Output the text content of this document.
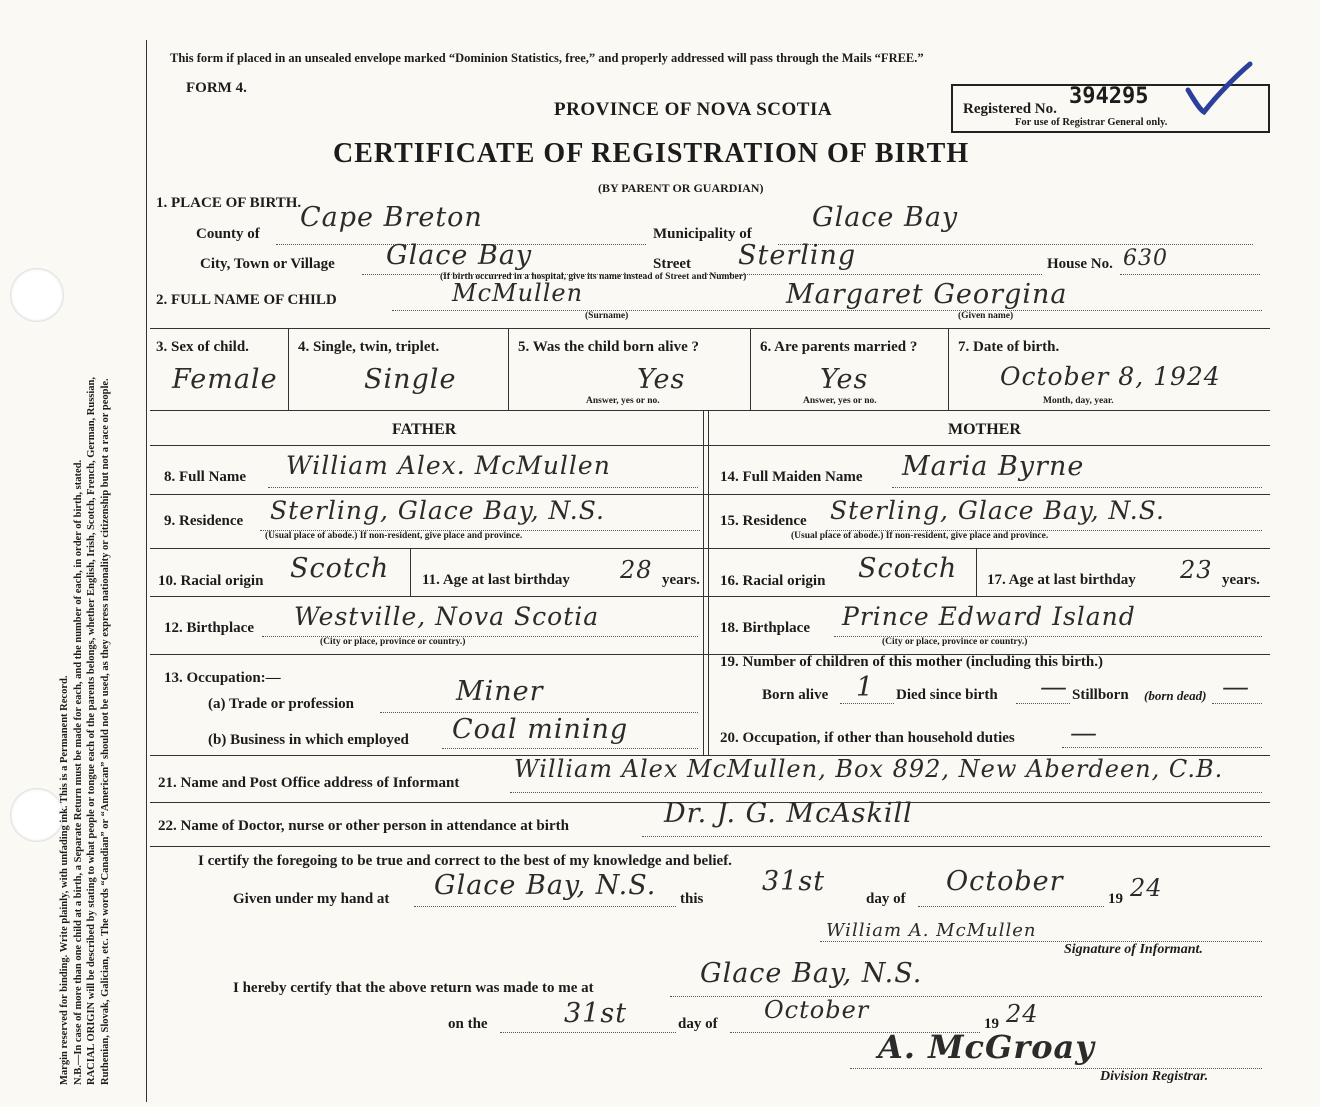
Margin reserved for binding. Write plainly, with unfading ink. This is a Permanent Record. N.B.—In case of more than one child at a birth, a Separate Return must be made for each, and the number of each, in order of birth, stated. RACIAL ORIGIN will be described by stating to what people or tongue each of the parents belongs, whether English, Irish, Scotch, French, German, Russian, Ruthenian, Slovak, Galician, etc. The words “Canadian” or “American” should not be used, as they express nationality or citizenship but not a race or people.
This form if placed in an unsealed envelope marked “Dominion Statistics, free,” and properly addressed will pass through the Mails “FREE.”
FORM 4.
PROVINCE OF NOVA SCOTIA
CERTIFICATE OF REGISTRATION OF BIRTH
(BY PARENT OR GUARDIAN)
Registered No. 394295
For use of Registrar General only.
1. PLACE OF BIRTH.
County of
Cape Breton
Municipality of
Glace Bay
City, Town or Village Glace Bay	Street Sterling	House No. 630
(If birth occurred in a hospital, give its name instead of Street and Number)
2. FULL NAME OF CHILD	McMullen	Margaret Georgina
(Surname)	(Given name)
3. Sex of child.
Female
4. Single, twin, triplet.
Single
5. Was the child born alive ?
Yes
Answer, yes or no.
6. Are parents married ?
Yes
Answer, yes or no.
7. Date of birth.
October 8, 1924
Month, day, year.
FATHER	MOTHER
8. Full Name William Alex. McMullen	14. Full Maiden Name Maria Byrne
9. Residence Sterling, Glace Bay, N.S.
(Usual place of abode.) If non-resident, give place and province.
15. Residence Sterling, Glace Bay, N.S.
(Usual place of abode.) If non-resident, give place and province.
10. Racial origin Scotch 11. Age at last birthday 28 years. 16. Racial origin Scotch 17. Age at last birthday 23 years.
12. Birthplace Westville, Nova Scotia
(City or place, province or country.)
18. Birthplace Prince Edward Island
(City or place, province or country.)
13. Occupation:—
(a) Trade or profession	Miner
(b) Business in which employed Coal mining
19. Number of children of this mother (including this birth.)
Born alive 1 Died since birth — Stillborn (born dead) —
20. Occupation, if other than household duties —
21. Name and Post Office address of Informant William Alex McMullen, Box 892, New Aberdeen, C.B.
22. Name of Doctor, nurse or other person in attendance at birth	Dr. J. G. McAskill
I certify the foregoing to be true and correct to the best of my knowledge and belief.
Given under my hand at Glace Bay, N.S. this
31st
day of
October
19 24
William A. McMullen
Signature of Informant.
I hereby certify that the above return was made to me at	Glace Bay, N.S.
on the	31st	day of October	19 24
A. McGroay
Division Registrar.
